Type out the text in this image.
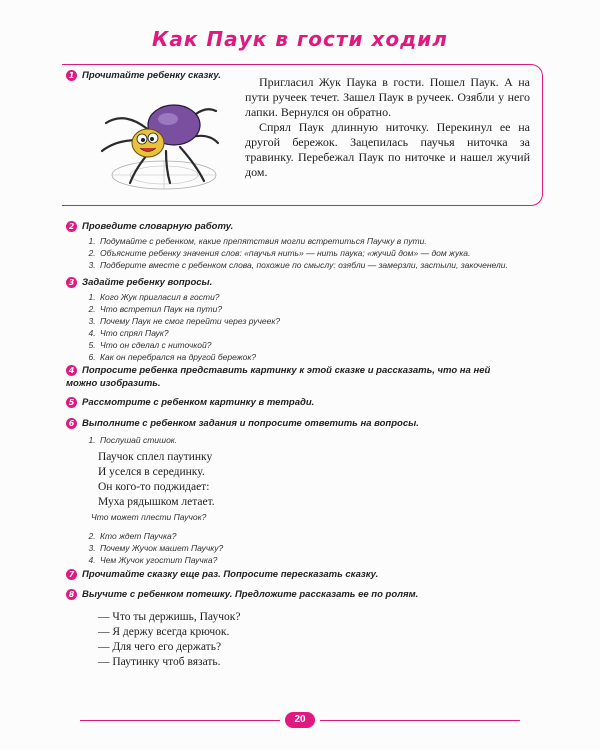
Как Паук в гости ходил
1 Прочитайте ребенку сказку.	Пригласил Жук Паука в гости. Пошел Паук. А на пути ручеек течет. Зашел Паук в ручеек. Озябли у него лапки. Вернулся он обратно.

Спрял Паук длинную ниточку. Перекинул ее на другой бережок. Зацепилась паучья ниточка за травинку. Перебежал Паук по ниточке и нашел жучий дом.

2 Проведите словарную работу.
1. Подумайте с ребенком, какие препятствия могли встретиться Паучку в пути.
2. Объясните ребенку значения слов: «паучья нить» — нить паука; «жучий дом» — дом жука.
3. Подберите вместе с ребенком слова, похожие по смыслу: озябли — замерзли, застыли, закоченели.
3 Задайте ребенку вопросы.
1. Кого Жук пригласил в гости?
2. Что встретил Паук на пути?
3. Почему Паук не смог перейти через ручеек?
4. Что спрял Паук?
5. Что он сделал с ниточкой?
6. Как он перебрался на другой бережок?
4 Попросите ребенка представить картинку к этой сказке и рассказать, что на ней можно изобразить.
5 Рассмотрите с ребенком картинку в тетради.
6 Выполните с ребенком задания и попросите ответить на вопросы.
1. Послушай стишок.
Паучок сплел паутинку
И уселся в серединку.
Он кого-то поджидает:
Муха рядышком летает.
Что может плести Паучок?
2. Кто ждет Паучка?
3. Почему Жучок машет Паучку?
4. Чем Жучок угостит Паучка?
7 Прочитайте сказку еще раз. Попросите пересказать сказку.
8 Выучите с ребенком потешку. Предложите рассказать ее по ролям.
— Что ты держишь, Паучок?
— Я держу всегда крючок.
— Для чего его держать?
— Паутинку чтоб вязать.
20
